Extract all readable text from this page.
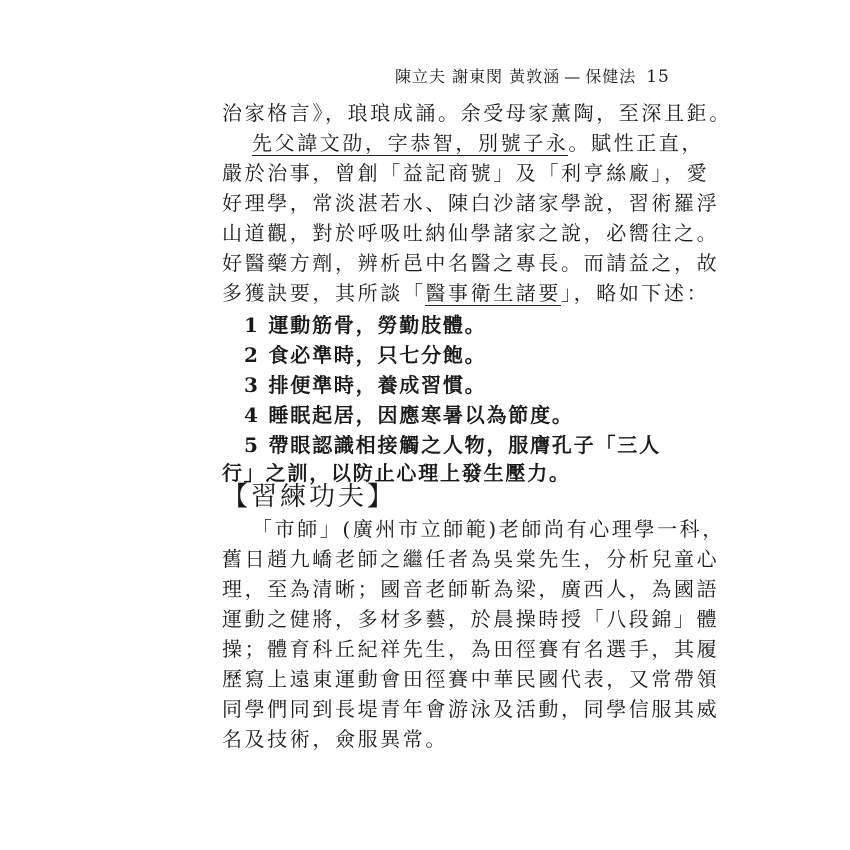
陳立夫 謝東閔 黃敦涵 — 保健法 15
治家格言》，琅琅成誦。余受母家薰陶，至深且鉅。
先父諱文劭，字恭智，別號子永。賦性正直，
嚴於治事，曾創「益記商號」及「利亨絲廠」，愛
好理學，常淡湛若水、陳白沙諸家學說，習術羅浮
山道觀，對於呼吸吐納仙學諸家之說，必嚮往之。
好醫藥方劑，辨析邑中名醫之專長。而請益之，故
多獲訣要，其所談「醫事衛生諸要」，略如下述：
1 運動筋骨，勞勤肢體。
2 食必準時，只七分飽。
3 排便準時，養成習慣。
4 睡眠起居，因應寒暑以為節度。
5 帶眼認識相接觸之人物，服膺孔子「三人
行」之訓，以防止心理上發生壓力。
【習練功夫】
「市師」(廣州市立師範)老師尚有心理學一科，
舊日趙九嶠老師之繼任者為吳棠先生，分析兒童心
理，至為清晰；國音老師靳為梁，廣西人，為國語
運動之健將，多材多藝，於晨操時授「八段錦」體
操；體育科丘紀祥先生，為田徑賽有名選手，其履
歷寫上遠東運動會田徑賽中華民國代表，又常帶領
同學們同到長堤青年會游泳及活動，同學信服其威
名及技術，僉服異常。
